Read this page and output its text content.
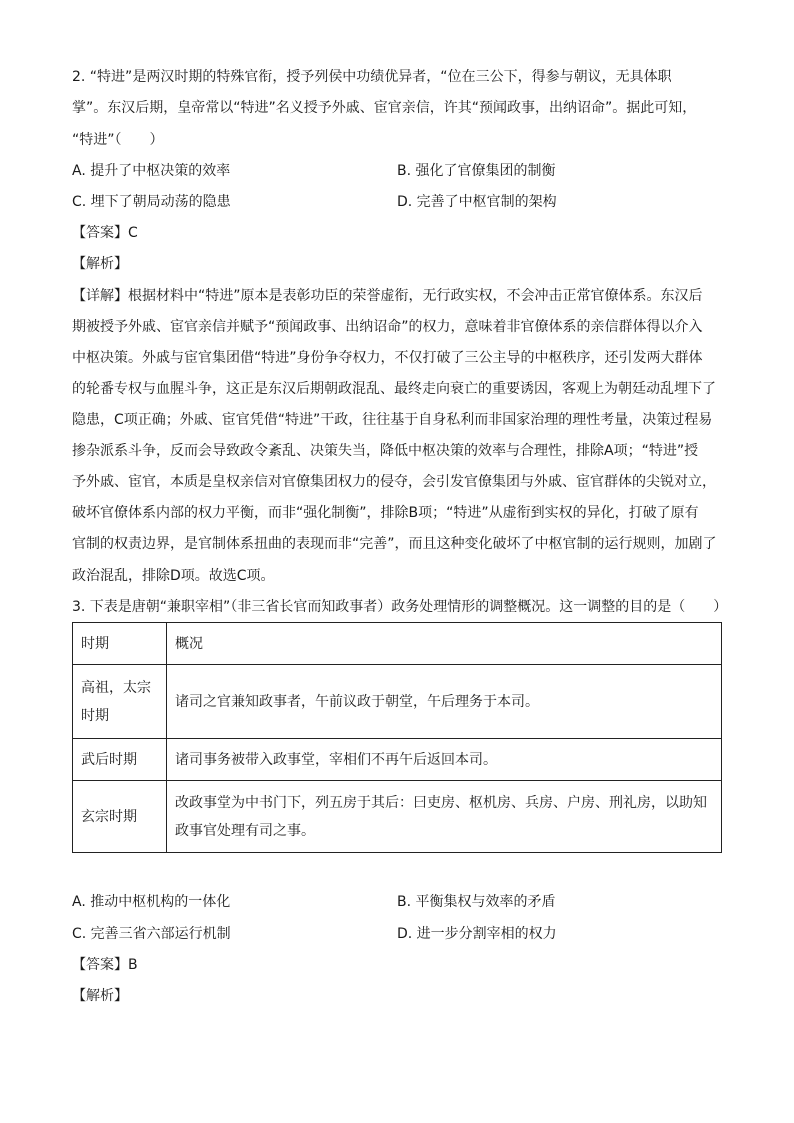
2. “特进”是两汉时期的特殊官衔，授予列侯中功绩优异者，“位在三公下，得参与朝议，无具体职
掌”。东汉后期，皇帝常以“特进”名义授予外戚、宦官亲信，许其“预闻政事，出纳诏命”。据此可知，
“特进”（　　）
A. 提升了中枢决策的效率	B. 强化了官僚集团的制衡
C. 埋下了朝局动荡的隐患	D. 完善了中枢官制的架构
【答案】C
【解析】
【详解】根据材料中“特进”原本是表彰功臣的荣誉虚衔，无行政实权，不会冲击正常官僚体系。东汉后
期被授予外戚、宦官亲信并赋予“预闻政事、出纳诏命”的权力，意味着非官僚体系的亲信群体得以介入
中枢决策。外戚与宦官集团借“特进”身份争夺权力，不仅打破了三公主导的中枢秩序，还引发两大群体
的轮番专权与血腥斗争，这正是东汉后期朝政混乱、最终走向衰亡的重要诱因，客观上为朝廷动乱埋下了
隐患，C项正确；外戚、宦官凭借“特进”干政，往往基于自身私利而非国家治理的理性考量，决策过程易
掺杂派系斗争，反而会导致政令紊乱、决策失当，降低中枢决策的效率与合理性，排除A项；“特进”授
予外戚、宦官，本质是皇权亲信对官僚集团权力的侵夺，会引发官僚集团与外戚、宦官群体的尖锐对立，
破坏官僚体系内部的权力平衡，而非“强化制衡”，排除B项；“特进”从虚衔到实权的异化，打破了原有
官制的权责边界，是官制体系扭曲的表现而非“完善”，而且这种变化破坏了中枢官制的运行规则，加剧了
政治混乱，排除D项。故选C项。
3. 下表是唐朝“兼职宰相”（非三省长官而知政事者）政务处理情形的调整概况。这一调整的目的是（　　）
时期	概况

高祖，太宗
时期	诸司之官兼知政事者，午前议政于朝堂，午后理务于本司。

武后时期	诸司事务被带入政事堂，宰相们不再午后返回本司。

玄宗时期	改政事堂为中书门下，列五房于其后：曰吏房、枢机房、兵房、户房、刑礼房，以助知
政事官处理有司之事。
A. 推动中枢机构的一体化	B. 平衡集权与效率的矛盾
C. 完善三省六部运行机制	D. 进一步分割宰相的权力
【答案】B
【解析】
